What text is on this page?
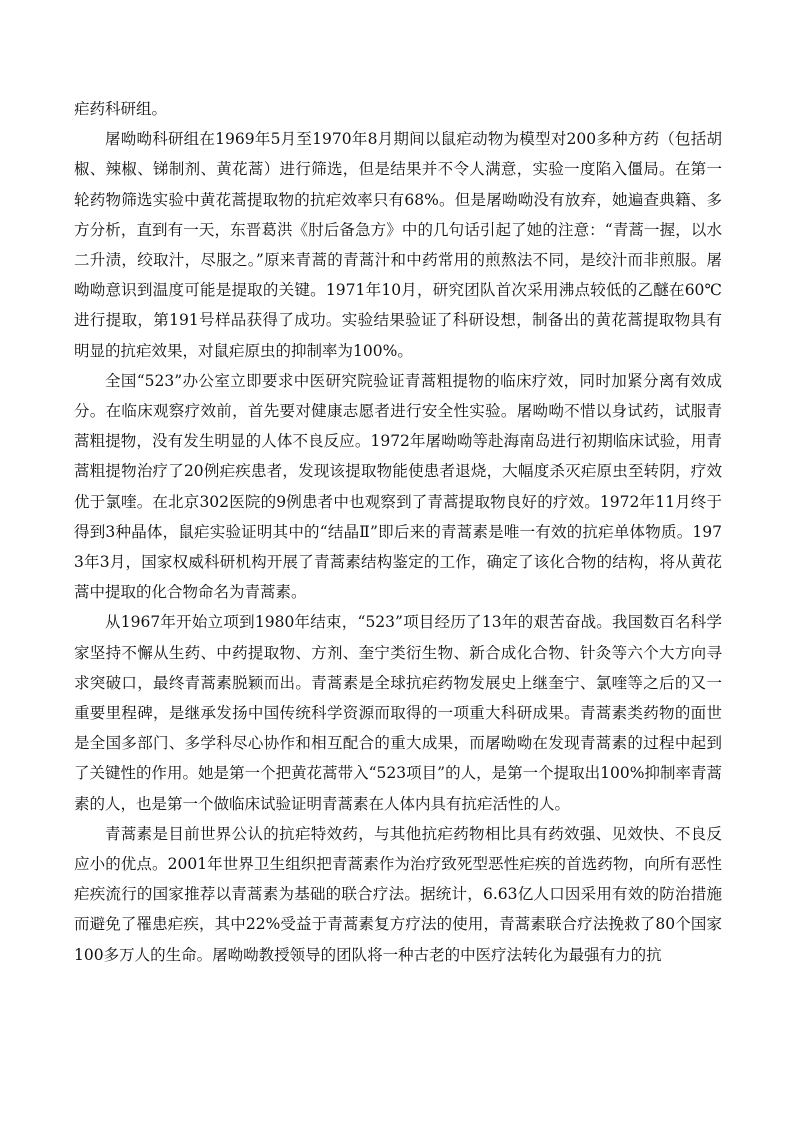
疟药科研组。

屠呦呦科研组在1969年5月至1970年8月期间以鼠疟动物为模型对200多种方药（包括胡椒、辣椒、锑制剂、黄花蒿）进行筛选，但是结果并不令人满意，实验一度陷入僵局。在第一轮药物筛选实验中黄花蒿提取物的抗疟效率只有68%。但是屠呦呦没有放弃，她遍查典籍、多方分析，直到有一天，东晋葛洪《肘后备急方》中的几句话引起了她的注意：“青蒿一握，以水二升渍，绞取汁，尽服之。”原来青蒿的青蒿汁和中药常用的煎熬法不同，是绞汁而非煎服。屠呦呦意识到温度可能是提取的关键。1971年10月，研究团队首次采用沸点较低的乙醚在60℃进行提取，第191号样品获得了成功。实验结果验证了科研设想，制备出的黄花蒿提取物具有明显的抗疟效果，对鼠疟原虫的抑制率为100%。

全国“523”办公室立即要求中医研究院验证青蒿粗提物的临床疗效，同时加紧分离有效成分。在临床观察疗效前，首先要对健康志愿者进行安全性实验。屠呦呦不惜以身试药，试服青蒿粗提物，没有发生明显的人体不良反应。1972年屠呦呦等赴海南岛进行初期临床试验，用青蒿粗提物治疗了20例疟疾患者，发现该提取物能使患者退烧，大幅度杀灭疟原虫至转阴，疗效优于氯喹。在北京302医院的9例患者中也观察到了青蒿提取物良好的疗效。1972年11月终于得到3种晶体，鼠疟实验证明其中的“结晶Ⅱ”即后来的青蒿素是唯一有效的抗疟单体物质。1973年3月，国家权威科研机构开展了青蒿素结构鉴定的工作，确定了该化合物的结构，将从黄花蒿中提取的化合物命名为青蒿素。

从1967年开始立项到1980年结束，“523”项目经历了13年的艰苦奋战。我国数百名科学家坚持不懈从生药、中药提取物、方剂、奎宁类衍生物、新合成化合物、针灸等六个大方向寻求突破口，最终青蒿素脱颖而出。青蒿素是全球抗疟药物发展史上继奎宁、氯喹等之后的又一重要里程碑，是继承发扬中国传统科学资源而取得的一项重大科研成果。青蒿素类药物的面世是全国多部门、多学科尽心协作和相互配合的重大成果，而屠呦呦在发现青蒿素的过程中起到了关键性的作用。她是第一个把黄花蒿带入“523项目”的人，是第一个提取出100%抑制率青蒿素的人，也是第一个做临床试验证明青蒿素在人体内具有抗疟活性的人。

青蒿素是目前世界公认的抗疟特效药，与其他抗疟药物相比具有药效强、见效快、不良反应小的优点。2001年世界卫生组织把青蒿素作为治疗致死型恶性疟疾的首选药物，向所有恶性疟疾流行的国家推荐以青蒿素为基础的联合疗法。据统计，6.63亿人口因采用有效的防治措施而避免了罹患疟疾，其中22%受益于青蒿素复方疗法的使用，青蒿素联合疗法挽救了80个国家100多万人的生命。屠呦呦教授领导的团队将一种古老的中医疗法转化为最强有力的抗
